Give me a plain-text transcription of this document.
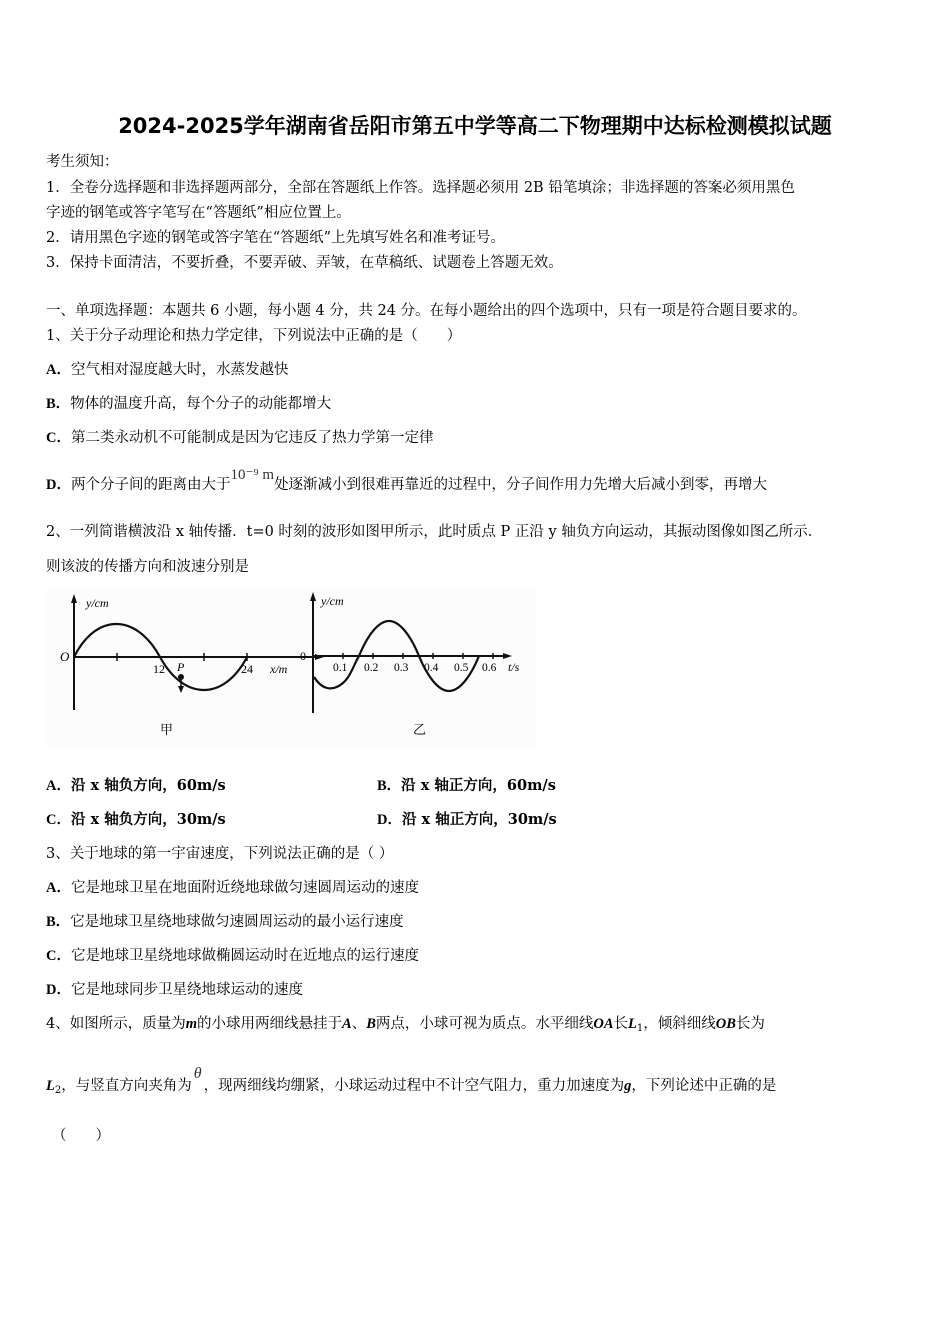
2024-2025学年湖南省岳阳市第五中学等高二下物理期中达标检测模拟试题
考生须知：
1．全卷分选择题和非选择题两部分，全部在答题纸上作答。选择题必须用 2B 铅笔填涂；非选择题的答案必须用黑色
字迹的钢笔或答字笔写在“答题纸”相应位置上。
2．请用黑色字迹的钢笔或答字笔在“答题纸”上先填写姓名和准考证号。
3．保持卡面清洁，不要折叠，不要弄破、弄皱，在草稿纸、试题卷上答题无效。
一、单项选择题：本题共 6 小题，每小题 4 分，共 24 分。在每小题给出的四个选项中，只有一项是符合题目要求的。
1、关于分子动理论和热力学定律，下列说法中正确的是（　　）
A．空气相对湿度越大时，水蒸发越快
B．物体的温度升高，每个分子的动能都增大
C．第二类永动机不可能制成是因为它违反了热力学第一定律
D．两个分子间的距离由大于10⁻⁹ m处逐渐减小到很难再靠近的过程中，分子间作用力先增大后减小到零，再增大
2、一列简谐横波沿 x 轴传播．t=0 时刻的波形如图甲所示，此时质点 P 正沿 y 轴负方向运动，其振动图像如图乙所示．
则该波的传播方向和波速分别是
y/cm
O
12	24
P	x/m
甲
y/cm
0
0.1 0.2 0.3 0.4 0.5 0.6 t/s
乙
A．沿 x 轴负方向，60m/s	B．沿 x 轴正方向，60m/s
C．沿 x 轴负方向，30m/s	D．沿 x 轴正方向，30m/s
3、关于地球的第一宇宙速度，下列说法正确的是（ ）
A．它是地球卫星在地面附近绕地球做匀速圆周运动的速度
B．它是地球卫星绕地球做匀速圆周运动的最小运行速度
C．它是地球卫星绕地球做椭圆运动时在近地点的运行速度
D．它是地球同步卫星绕地球运动的速度
4、如图所示，质量为m的小球用两细线悬挂于A、B两点，小球可视为质点。水平细线OA长$L_1$，倾斜细线OB长为
$L_2$，与竖直方向夹角为θ，现两细线均绷紧，小球运动过程中不计空气阻力，重力加速度为g，下列论述中正确的是
（　　）
